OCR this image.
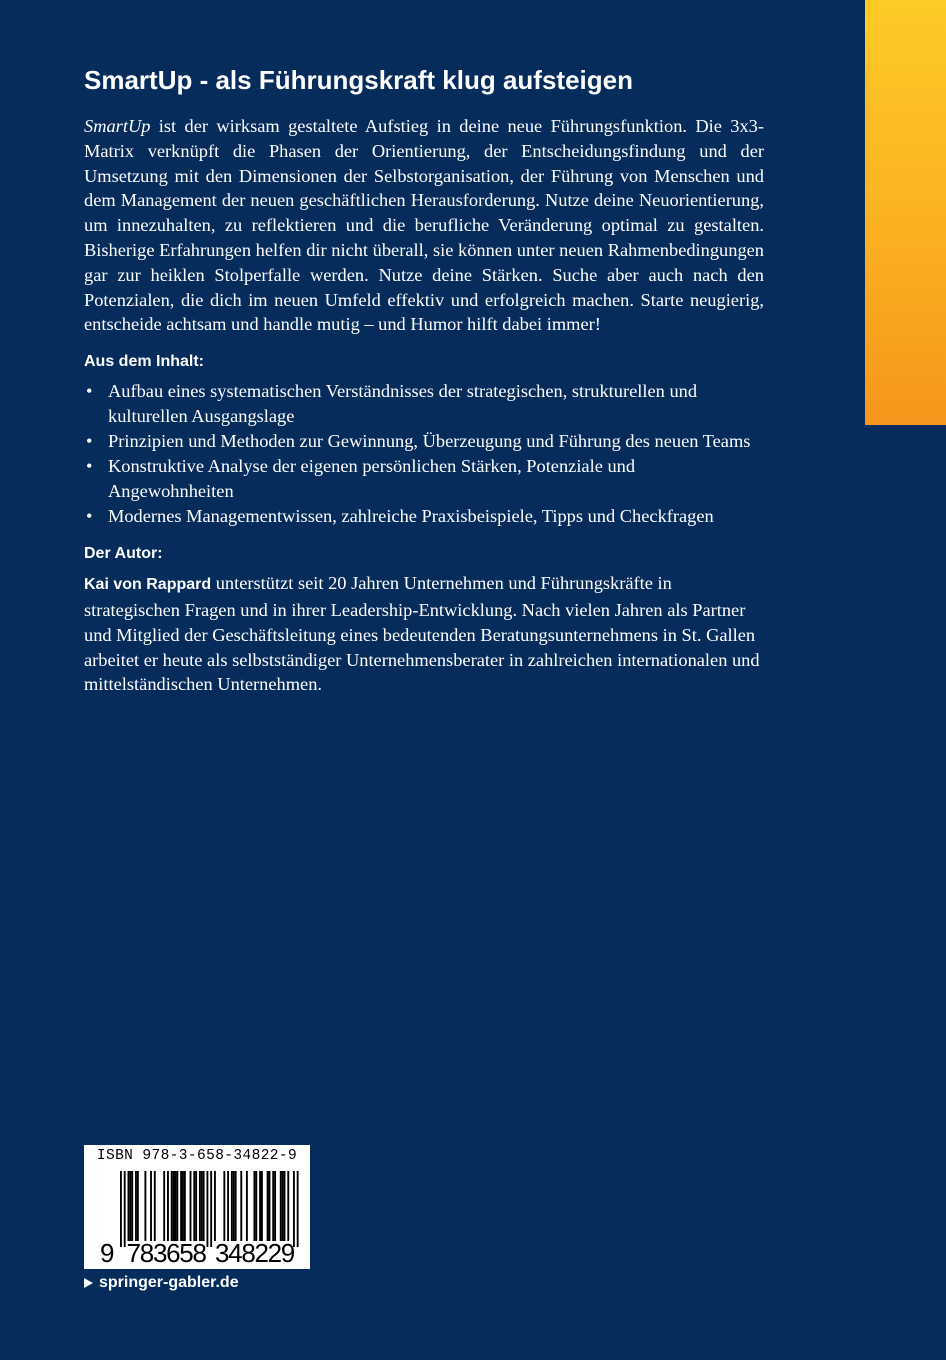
SmartUp - als Führungskraft klug aufsteigen

SmartUp ist der wirksam gestaltete Aufstieg in deine neue Führungsfunktion. Die 3x3-Matrix verknüpft die Phasen der Orientierung, der Entscheidungsfindung und der Umsetzung mit den Dimensionen der Selbstorganisation, der Führung von Menschen und dem Management der neuen geschäftlichen Herausforderung. Nutze deine Neuorientierung, um innezuhalten, zu reflektieren und die berufliche Veränderung optimal zu gestalten. Bisherige Erfahrungen helfen dir nicht überall, sie können unter neuen Rahmenbedingungen gar zur heiklen Stolperfalle werden. Nutze deine Stärken. Suche aber auch nach den Potenzialen, die dich im neuen Umfeld effektiv und erfolgreich machen. Starte neugierig, entscheide achtsam und handle mutig – und Humor hilft dabei immer!

Aus dem Inhalt:
• Aufbau eines systematischen Verständnisses der strategischen, strukturellen und kulturellen Ausgangslage
• Prinzipien und Methoden zur Gewinnung, Überzeugung und Führung des neuen Teams
• Konstruktive Analyse der eigenen persönlichen Stärken, Potenziale und Angewohnheiten
• Modernes Managementwissen, zahlreiche Praxisbeispiele, Tipps und Checkfragen
Der Autor:

Kai von Rappard unterstützt seit 20 Jahren Unternehmen und Führungskräfte in strategischen Fragen und in ihrer Leadership-Entwicklung. Nach vielen Jahren als Partner und Mitglied der Geschäftsleitung eines bedeutenden Beratungsunternehmens in St. Gallen arbeitet er heute als selbstständiger Unternehmensberater in zahlreichen internationalen und mittelständischen Unternehmen.

ISBN 978-3-658-34822-9
9 7
8
3
6
5
8 3
4
8
2
2
9
springer-gabler.de
